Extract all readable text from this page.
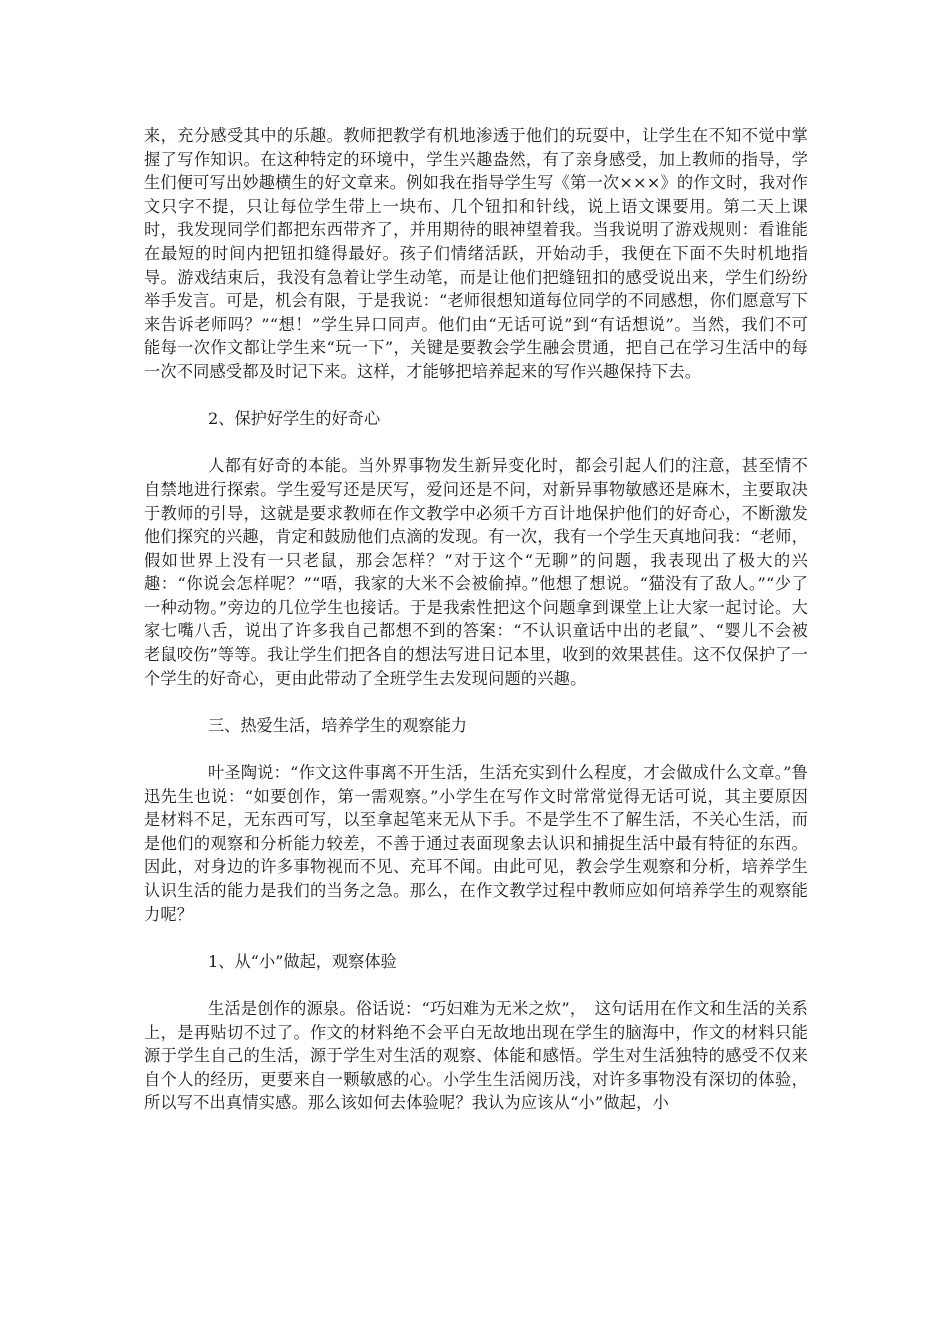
来，充分感受其中的乐趣。教师把教学有机地渗透于他们的玩耍中，让学生在不知不觉中掌握了写作知识。在这种特定的环境中，学生兴趣盎然，有了亲身感受，加上教师的指导，学生们便可写出妙趣横生的好文章来。例如我在指导学生写《第一次×××》的作文时，我对作文只字不提，只让每位学生带上一块布、几个钮扣和针线，说上语文课要用。第二天上课时，我发现同学们都把东西带齐了，并用期待的眼神望着我。当我说明了游戏规则：看谁能在最短的时间内把钮扣缝得最好。孩子们情绪活跃，开始动手，我便在下面不失时机地指导。游戏结束后，我没有急着让学生动笔，而是让他们把缝钮扣的感受说出来，学生们纷纷举手发言。可是，机会有限，于是我说：“老师很想知道每位同学的不同感想，你们愿意写下来告诉老师吗？”“想！”学生异口同声。他们由“无话可说”到“有话想说”。当然，我们不可能每一次作文都让学生来“玩一下”，关键是要教会学生融会贯通，把自己在学习生活中的每一次不同感受都及时记下来。这样，才能够把培养起来的写作兴趣保持下去。

2、保护好学生的好奇心

人都有好奇的本能。当外界事物发生新异变化时，都会引起人们的注意，甚至情不自禁地进行探索。学生爱写还是厌写，爱问还是不问，对新异事物敏感还是麻木，主要取决于教师的引导，这就是要求教师在作文教学中必须千方百计地保护他们的好奇心，不断激发他们探究的兴趣，肯定和鼓励他们点滴的发现。有一次，我有一个学生天真地问我：“老师，假如世界上没有一只老鼠，那会怎样？”对于这个“无聊”的问题，我表现出了极大的兴趣：“你说会怎样呢？”“唔，我家的大米不会被偷掉。”他想了想说。“猫没有了敌人。”“少了一种动物。”旁边的几位学生也接话。于是我索性把这个问题拿到课堂上让大家一起讨论。大家七嘴八舌，说出了许多我自己都想不到的答案：“不认识童话中出的老鼠”、“婴儿不会被老鼠咬伤”等等。我让学生们把各自的想法写进日记本里，收到的效果甚佳。这不仅保护了一个学生的好奇心，更由此带动了全班学生去发现问题的兴趣。

三、热爱生活，培养学生的观察能力

叶圣陶说：“作文这件事离不开生活，生活充实到什么程度，才会做成什么文章。”鲁迅先生也说：“如要创作，第一需观察。”小学生在写作文时常常觉得无话可说，其主要原因是材料不足，无东西可写，以至拿起笔来无从下手。不是学生不了解生活，不关心生活，而是他们的观察和分析能力较差，不善于通过表面现象去认识和捕捉生活中最有特征的东西。因此，对身边的许多事物视而不见、充耳不闻。由此可见，教会学生观察和分析，培养学生认识生活的能力是我们的当务之急。那么，在作文教学过程中教师应如何培养学生的观察能力呢？

1、从“小”做起，观察体验

生活是创作的源泉。俗话说：“巧妇难为无米之炊”，　这句话用在作文和生活的关系上，是再贴切不过了。作文的材料绝不会平白无故地出现在学生的脑海中，作文的材料只能源于学生自己的生活，源于学生对生活的观察、体能和感悟。学生对生活独特的感受不仅来自个人的经历，更要来自一颗敏感的心。小学生生活阅历浅，对许多事物没有深切的体验，所以写不出真情实感。那么该如何去体验呢？我认为应该从“小”做起，小
